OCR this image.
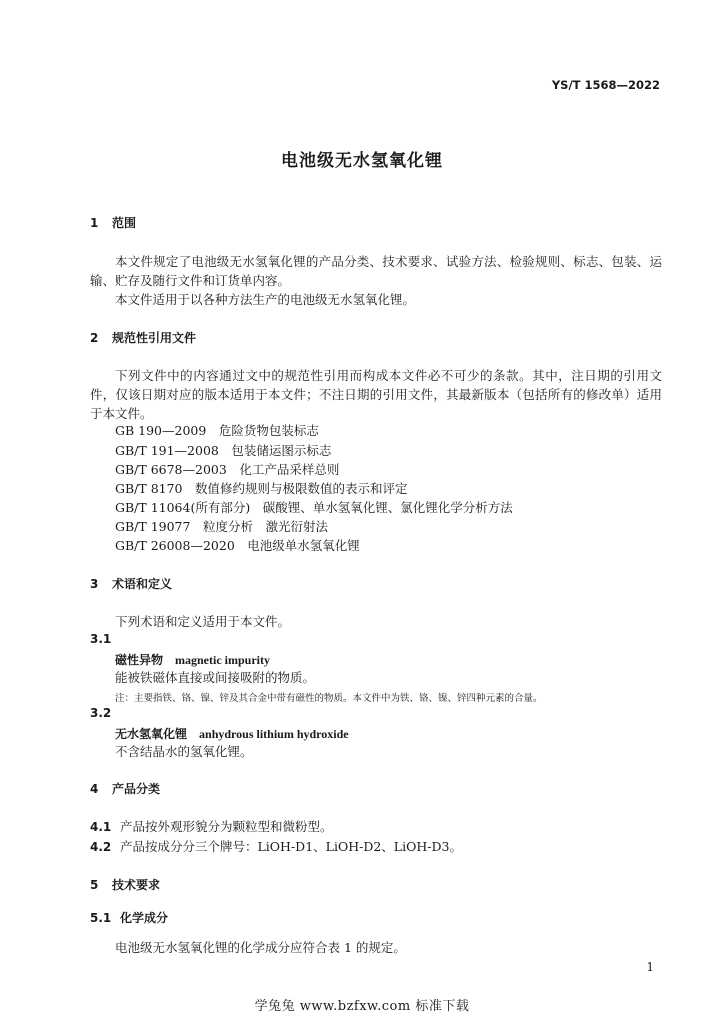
YS/T 1568—2022
电池级无水氢氧化锂
1 范围
本文件规定了电池级无水氢氧化锂的产品分类、技术要求、试验方法、检验规则、标志、包装、运输、贮存及随行文件和订货单内容。
本文件适用于以各种方法生产的电池级无水氢氧化锂。
2 规范性引用文件
下列文件中的内容通过文中的规范性引用而构成本文件必不可少的条款。其中，注日期的引用文件，仅该日期对应的版本适用于本文件；不注日期的引用文件，其最新版本（包括所有的修改单）适用于本文件。
GB 190—2009　危险货物包装标志
GB/T 191—2008　包装储运图示标志
GB/T 6678—2003　化工产品采样总则
GB/T 8170　数值修约规则与极限数值的表示和评定
GB/T 11064(所有部分)　碳酸锂、单水氢氧化锂、氯化锂化学分析方法
GB/T 19077　粒度分析　激光衍射法
GB/T 26008—2020　电池级单水氢氧化锂
3 术语和定义
下列术语和定义适用于本文件。
3.1
磁性异物 magnetic impurity
能被铁磁体直接或间接吸附的物质。
注：主要指铁、铬、镍、锌及其合金中带有磁性的物质。本文件中为铁、铬、镍、锌四种元素的合量。
3.2
无水氢氧化锂 anhydrous lithium hydroxide
不含结晶水的氢氧化锂。
4 产品分类
4.1 产品按外观形貌分为颗粒型和微粉型。
4.2 产品按成分分三个牌号：LiOH-D1、LiOH-D2、LiOH-D3。
5 技术要求
5.1 化学成分
电池级无水氢氧化锂的化学成分应符合表 1 的规定。
1
学兔兔 www.bzfxw.com 标准下载
